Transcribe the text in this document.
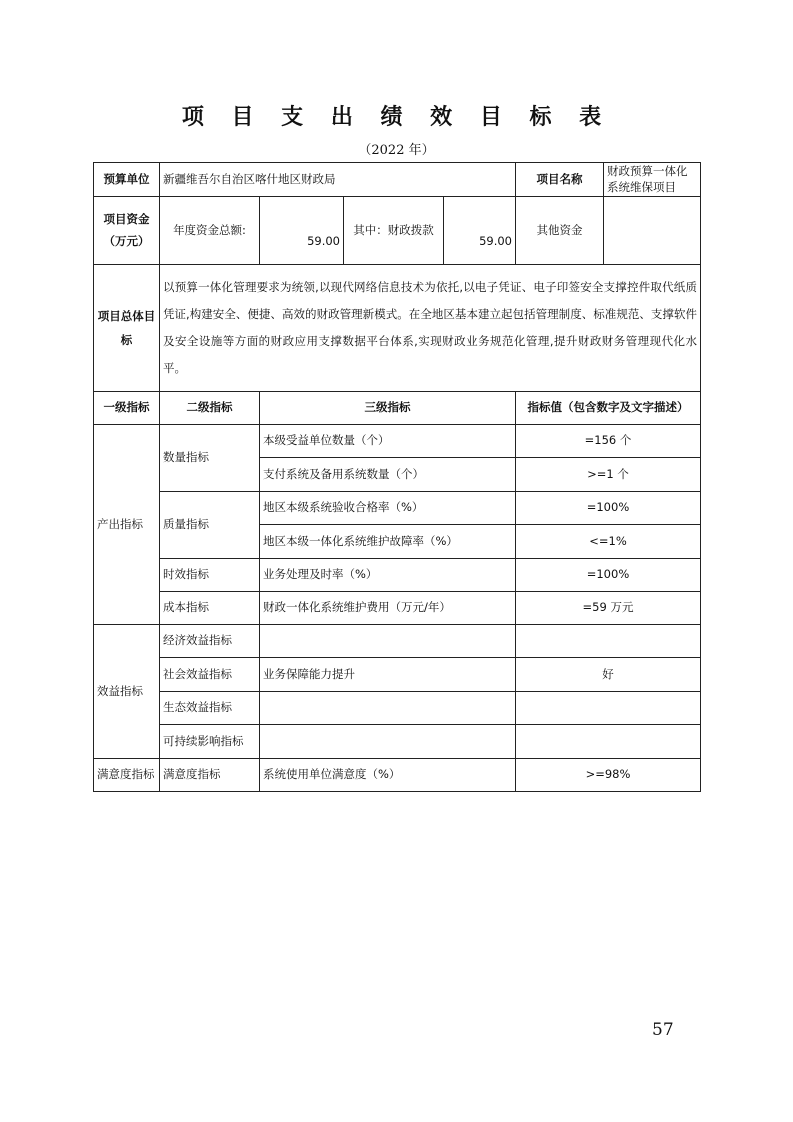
项 目 支 出 绩 效 目 标 表
（2022 年）
预算单位	新疆维吾尔自治区喀什地区财政局				项目名称	财政预算一体化系统维保项目
项目资金（万元）	年度资金总额:	59.00	其中：财政拨款	59.00	其他资金	
项目总体目标	以预算一体化管理要求为统领,以现代网络信息技术为依托,以电子凭证、电子印签安全支撑控件取代纸质凭证,构建安全、便捷、高效的财政管理新模式。在全地区基本建立起包括管理制度、标准规范、支撑软件及安全设施等方面的财政应用支撑数据平台体系,实现财政业务规范化管理,提升财政财务管理现代化水平。					
一级指标	二级指标	三级指标			指标值（包含数字及文字描述）	
产出指标	数量指标	本级受益单位数量（个）			=156 个	
		支付系统及备用系统数量（个）			>=1 个	
	质量指标	地区本级系统验收合格率（%）			=100%	
		地区本级一体化系统维护故障率（%）			<=1%	
	时效指标	业务处理及时率（%）			=100%	
	成本指标	财政一体化系统维护费用（万元/年）			=59 万元	
效益指标	经济效益指标					
	社会效益指标	业务保障能力提升			好	
	生态效益指标					
	可持续影响指标					
满意度指标	满意度指标	系统使用单位满意度（%）			>=98%	
57
